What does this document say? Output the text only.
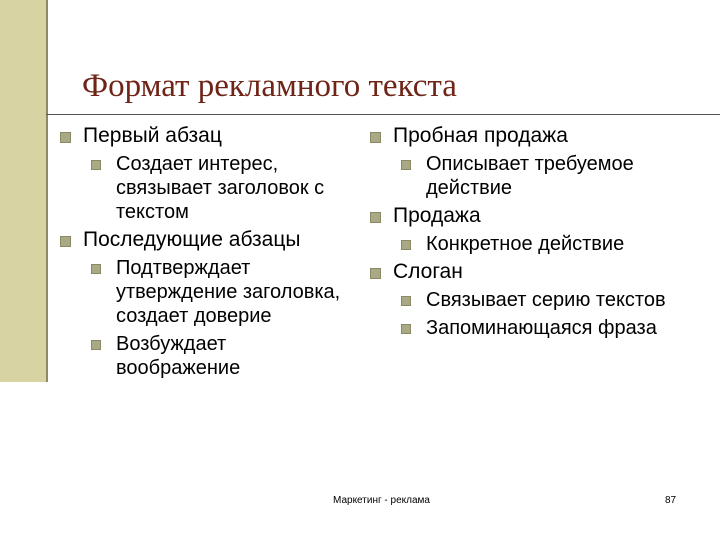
Формат рекламного текста
Первый абзац
Создает интерес, связывает заголовок с текстом
Последующие абзацы
Подтверждает утверждение заголовка, создает доверие
Возбуждает воображение
Пробная продажа
Описывает требуемое действие
Продажа
Конкретное действие
Слоган
Связывает серию текстов
Запоминающаяся фраза
Маркетинг - реклама	87
